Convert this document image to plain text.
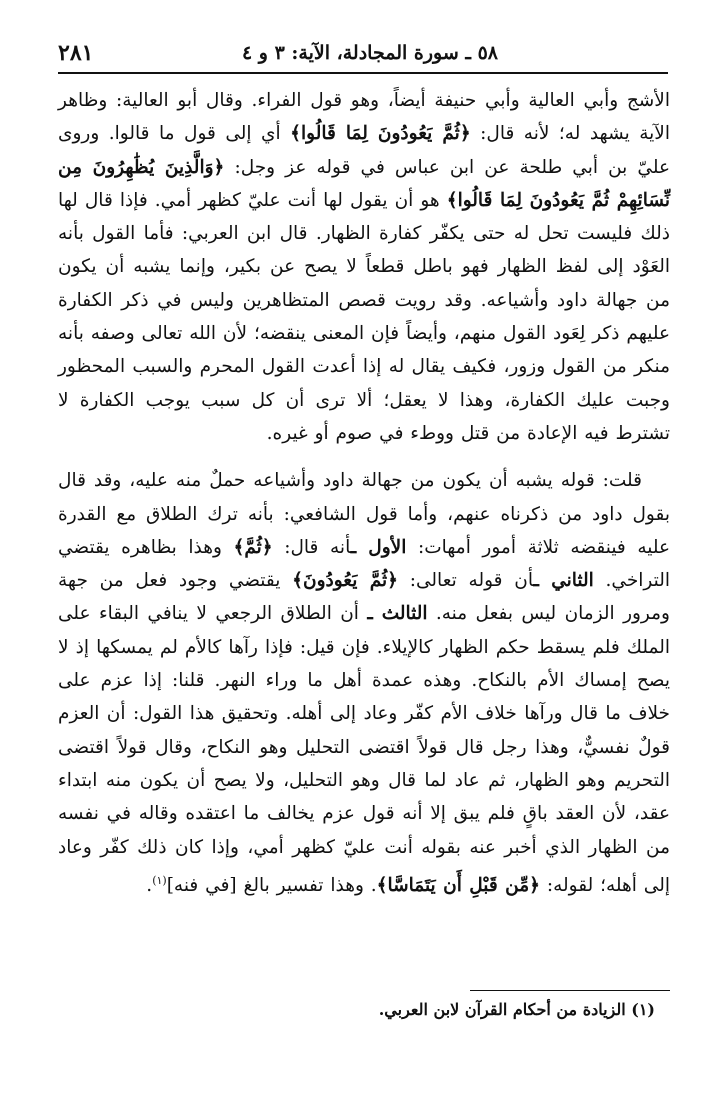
٥٨ ـ سورة المجادلة، الآية: ٣ و ٤
٢٨١

الأشج وأبي العالية وأبي حنيفة أيضاً، وهو قول الفراء. وقال أبو العالية: وظاهر الآية يشهد له؛ لأنه قال: ﴿ثُمَّ يَعُودُونَ لِمَا قَالُوا﴾ أي إلى قول ما قالوا. وروى عليّ بن أبي طلحة عن ابن عباس في قوله عز وجل: ﴿وَالَّذِينَ يُظَٰهِرُونَ مِن نِّسَائِهِمْ ثُمَّ يَعُودُونَ لِمَا قَالُوا﴾ هو أن يقول لها أنت عليّ كظهر أمي. فإذا قال لها ذلك فليست تحل له حتى يكفّر كفارة الظهار. قال ابن العربي: فأما القول بأنه العَوْد إلى لفظ الظهار فهو باطل قطعاً لا يصح عن بكير، وإنما يشبه أن يكون من جهالة داود وأشياعه. وقد رويت قصص المتظاهرين وليس في ذكر الكفارة عليهم ذكر لِعَود القول منهم، وأيضاً فإن المعنى ينقضه؛ لأن الله تعالى وصفه بأنه منكر من القول وزور، فكيف يقال له إذا أعدت القول المحرم والسبب المحظور وجبت عليك الكفارة، وهذا لا يعقل؛ ألا ترى أن كل سبب يوجب الكفارة لا تشترط فيه الإعادة من قتل ووطء في صوم أو غيره.

قلت: قوله يشبه أن يكون من جهالة داود وأشياعه حملٌ منه عليه، وقد قال بقول داود من ذكرناه عنهم، وأما قول الشافعي: بأنه ترك الطلاق مع القدرة عليه فينقضه ثلاثة أمور أمهات: الأول ـأنه قال: ﴿ثُمَّ﴾ وهذا بظاهره يقتضي التراخي. الثاني ـأن قوله تعالى: ﴿ثُمَّ يَعُودُونَ﴾ يقتضي وجود فعل من جهة ومرور الزمان ليس بفعل منه. الثالث ـ أن الطلاق الرجعي لا ينافي البقاء على الملك فلم يسقط حكم الظهار كالإيلاء. فإن قيل: فإذا رآها كالأم لم يمسكها إذ لا يصح إمساك الأم بالنكاح. وهذه عمدة أهل ما وراء النهر. قلنا: إذا عزم على خلاف ما قال ورآها خلاف الأم كفّر وعاد إلى أهله. وتحقيق هذا القول: أن العزم قولٌ نفسيٌّ، وهذا رجل قال قولاً اقتضى التحليل وهو النكاح، وقال قولاً اقتضى التحريم وهو الظهار، ثم عاد لما قال وهو التحليل، ولا يصح أن يكون منه ابتداء عقد، لأن العقد باقٍ فلم يبق إلا أنه قول عزم يخالف ما اعتقده وقاله في نفسه من الظهار الذي أخبر عنه بقوله أنت عليّ كظهر أمي، وإذا كان ذلك كفّر وعاد إلى أهله؛ لقوله: ﴿مِّن قَبْلِ أَن يَتَمَاسَّا﴾. وهذا تفسير بالغ [في فنه]$^{(١)}$.

(١) الزيادة من أحكام القرآن لابن العربي.
